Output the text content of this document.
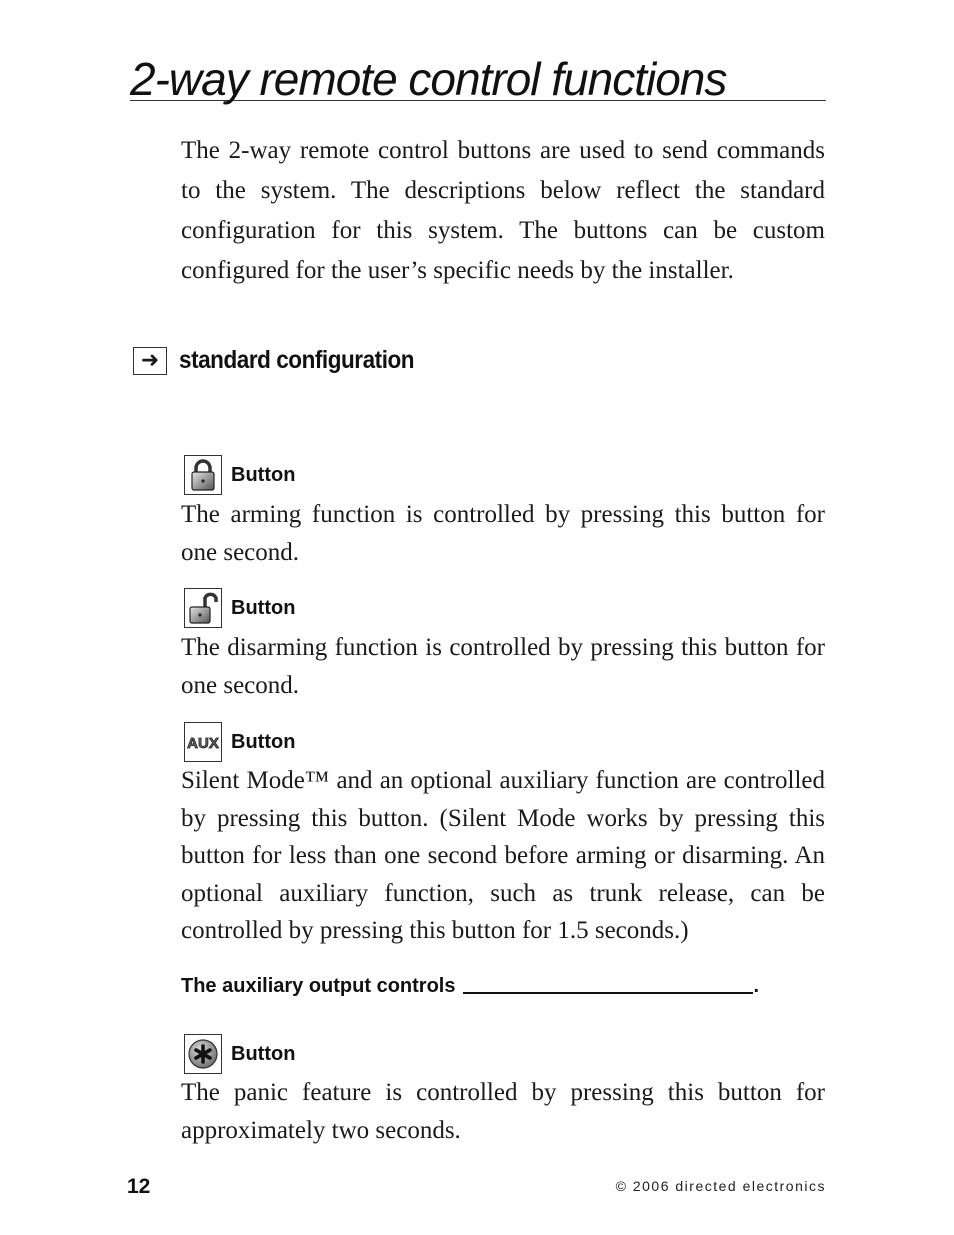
2-way remote control functions

The 2-way remote control buttons are used to send commands to the system. The descriptions below reflect the standard configuration for this system. The buttons can be custom configured for the user’s specific needs by the installer.

➜ standard configuration
Button

The arming function is controlled by pressing this button for one second.

Button

The disarming function is controlled by pressing this button for one second.

AUX Button

Silent Mode™ and an optional auxiliary function are controlled by pressing this button. (Silent Mode works by pressing this button for less than one second before arming or disarming. An optional auxiliary function, such as trunk release, can be controlled by pressing this button for 1.5 seconds.)

The auxiliary output controls	.

Button

The panic feature is controlled by pressing this button for approximately two seconds.

12	© 2006 directed electronics
